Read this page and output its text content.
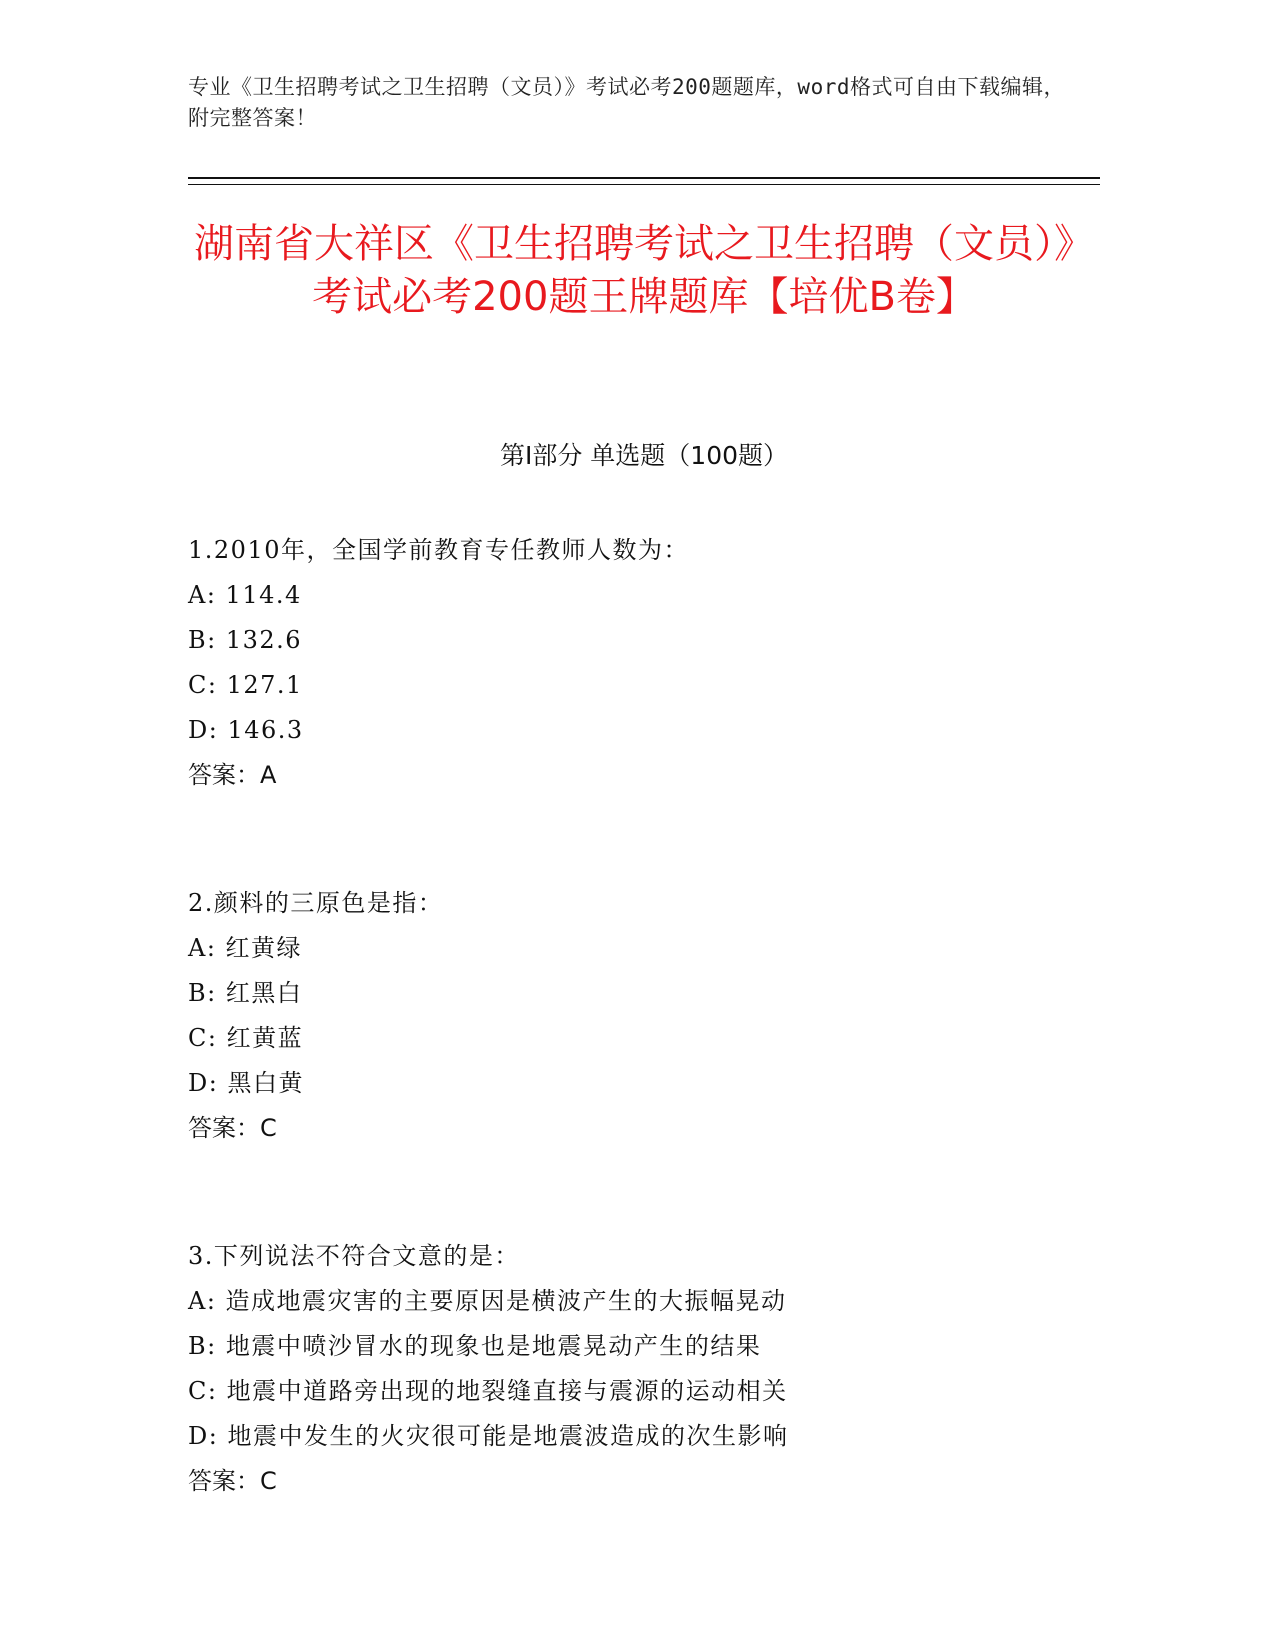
专业《卫生招聘考试之卫生招聘（文员）》考试必考200题题库，word格式可自由下载编辑，附完整答案！
湖南省大祥区《卫生招聘考试之卫生招聘（文员）》考试必考200题王牌题库【培优B卷】
第Ⅰ部分 单选题（100题）
1.2010年，全国学前教育专任教师人数为：
A: 114.4
B: 132.6
C: 127.1
D: 146.3
答案：A
2.颜料的三原色是指：
A: 红黄绿
B: 红黑白
C: 红黄蓝
D: 黑白黄
答案：C
3.下列说法不符合文意的是：
A: 造成地震灾害的主要原因是横波产生的大振幅晃动
B: 地震中喷沙冒水的现象也是地震晃动产生的结果
C: 地震中道路旁出现的地裂缝直接与震源的运动相关
D: 地震中发生的火灾很可能是地震波造成的次生影响
答案：C
